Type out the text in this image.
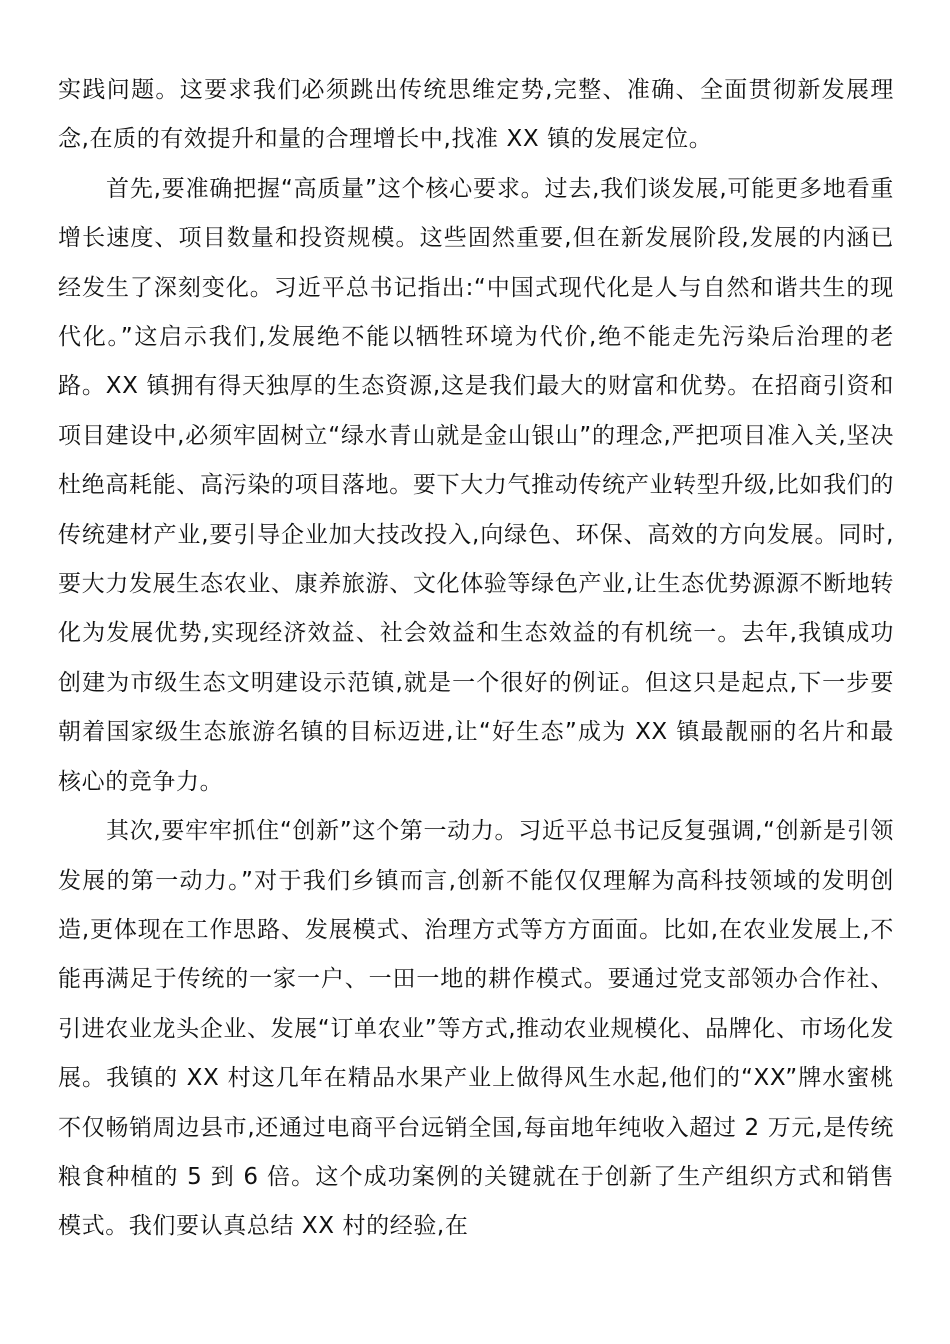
实践问题。这要求我们必须跳出传统思维定势,完整、准确、全面贯彻新发展理念,在质的有效提升和量的合理增长中,找准 XX 镇的发展定位。

首先,要准确把握“高质量”这个核心要求。过去,我们谈发展,可能更多地看重增长速度、项目数量和投资规模。这些固然重要,但在新发展阶段,发展的内涵已经发生了深刻变化。习近平总书记指出:“中国式现代化是人与自然和谐共生的现代化。”这启示我们,发展绝不能以牺牲环境为代价,绝不能走先污染后治理的老路。XX 镇拥有得天独厚的生态资源,这是我们最大的财富和优势。在招商引资和项目建设中,必须牢固树立“绿水青山就是金山银山”的理念,严把项目准入关,坚决杜绝高耗能、高污染的项目落地。要下大力气推动传统产业转型升级,比如我们的传统建材产业,要引导企业加大技改投入,向绿色、环保、高效的方向发展。同时,要大力发展生态农业、康养旅游、文化体验等绿色产业,让生态优势源源不断地转化为发展优势,实现经济效益、社会效益和生态效益的有机统一。去年,我镇成功创建为市级生态文明建设示范镇,就是一个很好的例证。但这只是起点,下一步要朝着国家级生态旅游名镇的目标迈进,让“好生态”成为 XX 镇最靓丽的名片和最核心的竞争力。

其次,要牢牢抓住“创新”这个第一动力。习近平总书记反复强调,“创新是引领发展的第一动力。”对于我们乡镇而言,创新不能仅仅理解为高科技领域的发明创造,更体现在工作思路、发展模式、治理方式等方方面面。比如,在农业发展上,不能再满足于传统的一家一户、一田一地的耕作模式。要通过党支部领办合作社、引进农业龙头企业、发展“订单农业”等方式,推动农业规模化、品牌化、市场化发展。我镇的 XX 村这几年在精品水果产业上做得风生水起,他们的“XX”牌水蜜桃不仅畅销周边县市,还通过电商平台远销全国,每亩地年纯收入超过 2 万元,是传统粮食种植的 5 到 6 倍。这个成功案例的关键就在于创新了生产组织方式和销售模式。我们要认真总结 XX 村的经验,在
